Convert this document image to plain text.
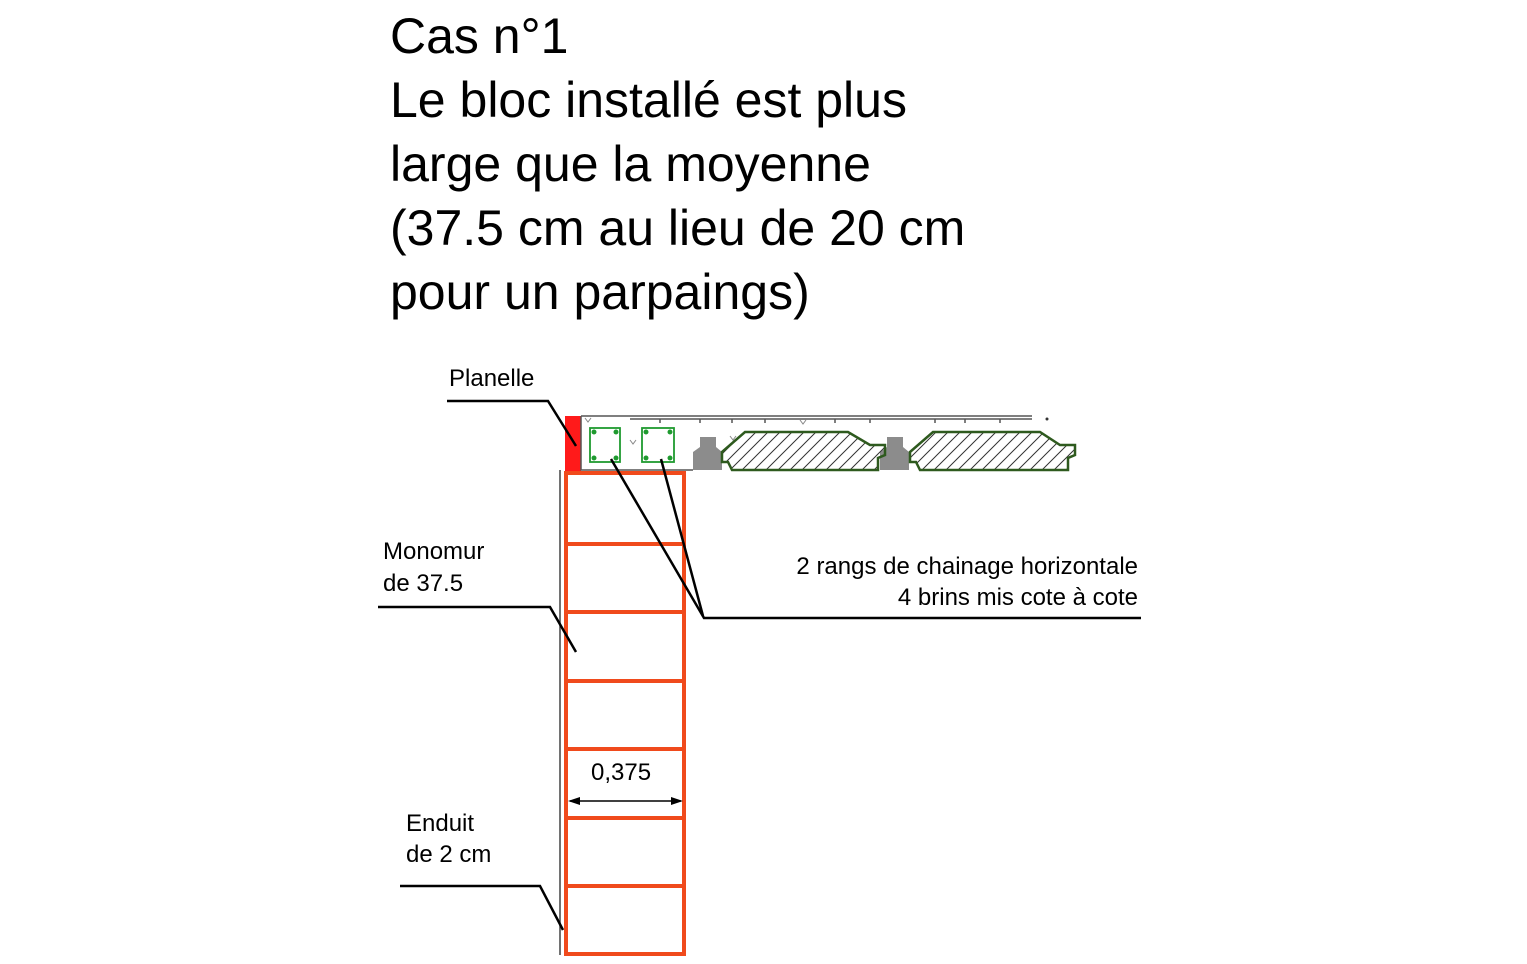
Cas n°1
Le bloc installé est plus
large que la moyenne
(37.5 cm au lieu de 20 cm
pour un parpaings)
0,375
Planelle
Monomur
de 37.5
2 rangs de chainage horizontale
4 brins mis cote à cote
Enduit
de 2 cm
